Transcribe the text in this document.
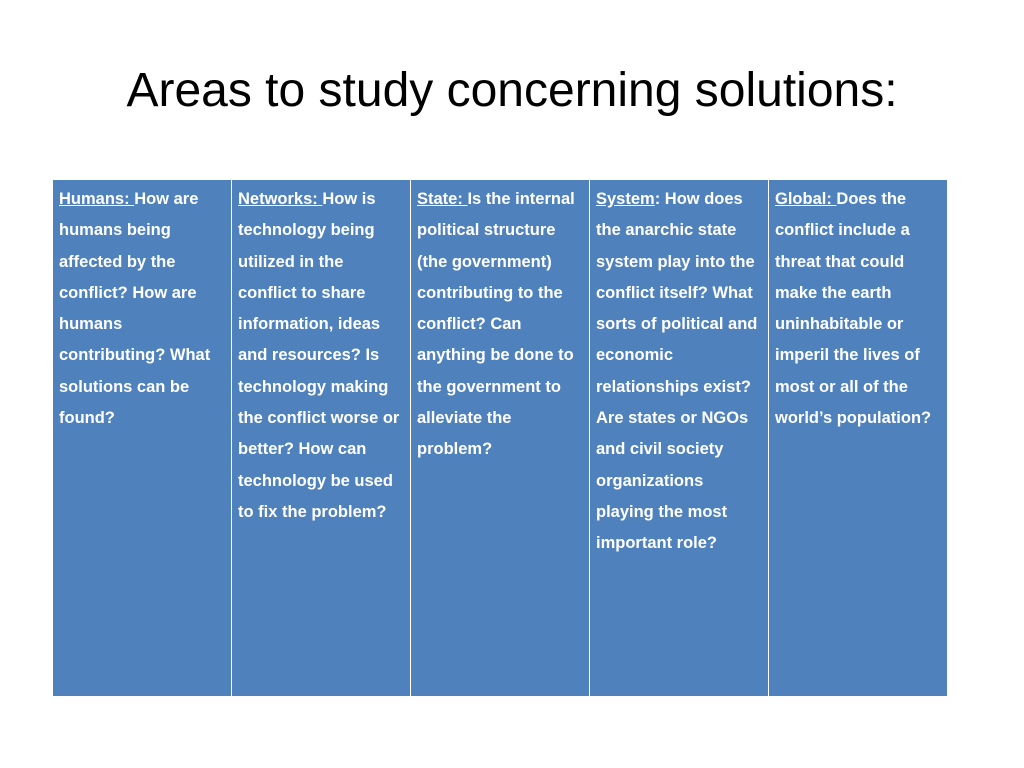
Areas to study concerning solutions:
Humans: How are humans being affected by the conflict? How are humans contributing? What solutions can be found?	Networks: How is technology being utilized in the conflict to share information, ideas and resources? Is technology making the conflict worse or better? How can technology be used to fix the problem?	State: Is the internal political structure (the government) contributing to the conflict? Can anything be done to the government to alleviate the problem?	System: How does the anarchic state system play into the conflict itself? What sorts of political and economic relationships exist? Are states or NGOs and civil society organizations playing the most important role?	Global: Does the conflict include a threat that could make the earth uninhabitable or imperil the lives of most or all of the world’s population?
